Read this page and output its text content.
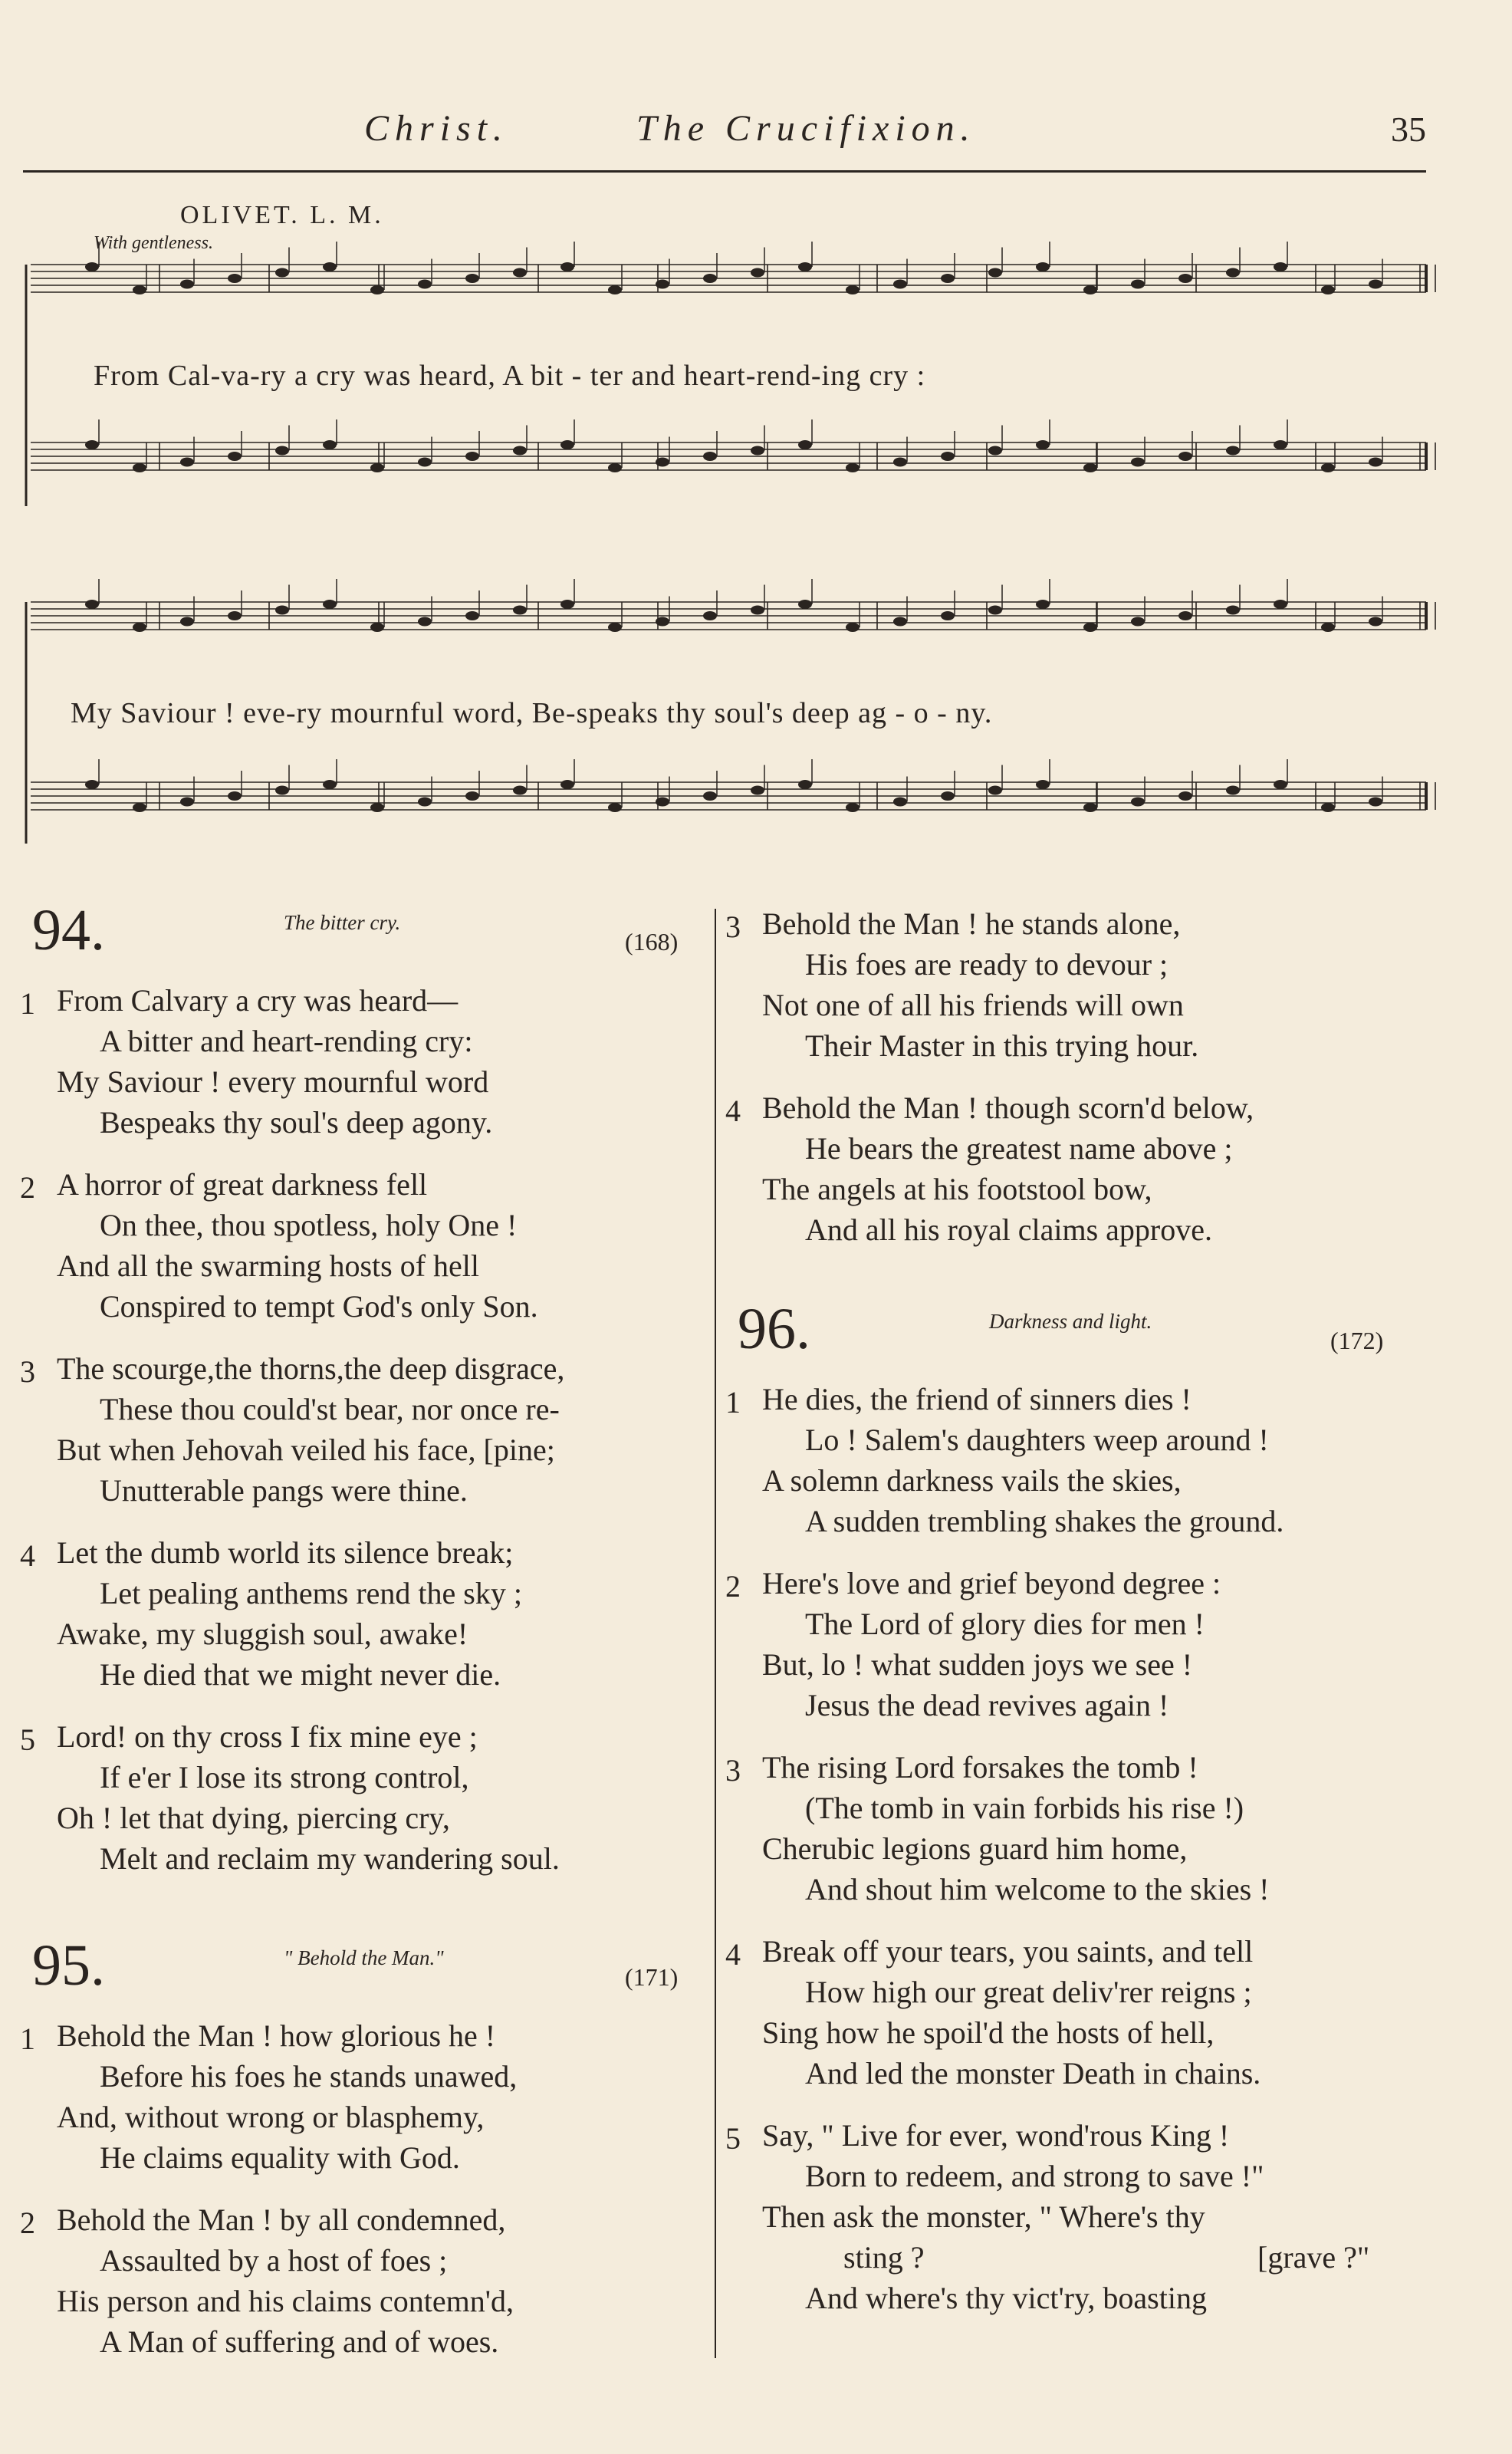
Christ.	The Crucifixion.	35
OLIVET. L. M.
With gentleness.
From Cal-va-ry a cry was heard, A bit - ter and heart-rend-ing cry :
My Saviour ! eve-ry mournful word, Be-speaks thy soul's deep ag - o - ny.
94.	The bitter cry.
(168)
1 From Calvary a cry was heard—
A bitter and heart-rending cry:
My Saviour ! every mournful word
Bespeaks thy soul's deep agony.
2 A horror of great darkness fell
On thee, thou spotless, holy One !
And all the swarming hosts of hell
Conspired to tempt God's only Son.
3 The scourge,the thorns,the deep disgrace,
These thou could'st bear, nor once re-
But when Jehovah veiled his face, [pine;
Unutterable pangs were thine.
4 Let the dumb world its silence break;
Let pealing anthems rend the sky ;
Awake, my sluggish soul, awake!
He died that we might never die.
5 Lord! on thy cross I fix mine eye ;
If e'er I lose its strong control,
Oh ! let that dying, piercing cry,
Melt and reclaim my wandering soul.
95.	" Behold the Man."
(171)
1 Behold the Man ! how glorious he !
Before his foes he stands unawed,
And, without wrong or blasphemy,
He claims equality with God.
2 Behold the Man ! by all condemned,
Assaulted by a host of foes ;
His person and his claims contemn'd,
A Man of suffering and of woes.
3 Behold the Man ! he stands alone,
His foes are ready to devour ;
Not one of all his friends will own
Their Master in this trying hour.
4 Behold the Man ! though scorn'd below,
He bears the greatest name above ;
The angels at his footstool bow,
And all his royal claims approve.
96.	Darkness and light.
(172)
1 He dies, the friend of sinners dies !
Lo ! Salem's daughters weep around !
A solemn darkness vails the skies,
A sudden trembling shakes the ground.
2 Here's love and grief beyond degree :
The Lord of glory dies for men !
But, lo ! what sudden joys we see !
Jesus the dead revives again !
3 The rising Lord forsakes the tomb !
(The tomb in vain forbids his rise !)
Cherubic legions guard him home,
And shout him welcome to the skies !
4 Break off your tears, you saints, and tell
How high our great deliv'rer reigns ;
Sing how he spoil'd the hosts of hell,
And led the monster Death in chains.
5 Say, " Live for ever, wond'rous King !
Born to redeem, and strong to save !"
Then ask the monster, " Where's thy
sting ?	[grave ?"
And where's thy vict'ry, boasting
